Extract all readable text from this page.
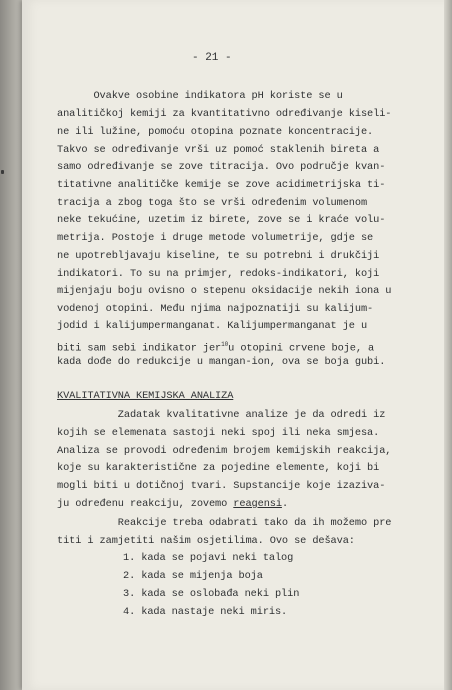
- 21 -

Ovakve osobine indikatora pH koriste se u

analitičkoj kemiji za kvantitativno određivanje kiseli-

ne ili lužine, pomoću otopina poznate koncentracije.

Takvo se određivanje vrši uz pomoć staklenih bireta a

samo određivanje se zove titracija. Ovo područje kvan-

titativne analitičke kemije se zove acidimetrijska ti-

tracija a zbog toga što se vrši određenim volumenom

neke tekućine, uzetim iz birete, zove se i kraće volu-

metrija. Postoje i druge metode volumetrije, gdje se

ne upotrebljavaju kiseline, te su potrebni i drukčiji

indikatori. To su na primjer, redoks-indikatori, koji

mijenjaju boju ovisno o stepenu oksidacije nekih iona u

vodenoj otopini. Među njima najpoznatiji su kalijum-

jodid i kalijumpermanganat. Kalijumpermanganat je u

biti sam sebi indikator jer$^{10}$u otopini crvene boje, a

kada dođe do redukcije u mangan-ion, ova se boja gubi.

KVALITATIVNA KEMIJSKA ANALIZA

Zadatak kvalitativne analize je da odredi iz

kojih se elemenata sastoji neki spoj ili neka smjesa.

Analiza se provodi određenim brojem kemijskih reakcija,

koje su karakteristične za pojedine elemente, koji bi

mogli biti u dotičnoj tvari. Supstancije koje izaziva-

ju određenu reakciju, zovemo reagensi.

Reakcije treba odabrati tako da ih možemo pre

titi i zamjetiti našim osjetilima. Ovo se dešava:

1. kada se pojavi neki talog

2. kada se mijenja boja

3. kada se oslobađa neki plin

4. kada nastaje neki miris.
